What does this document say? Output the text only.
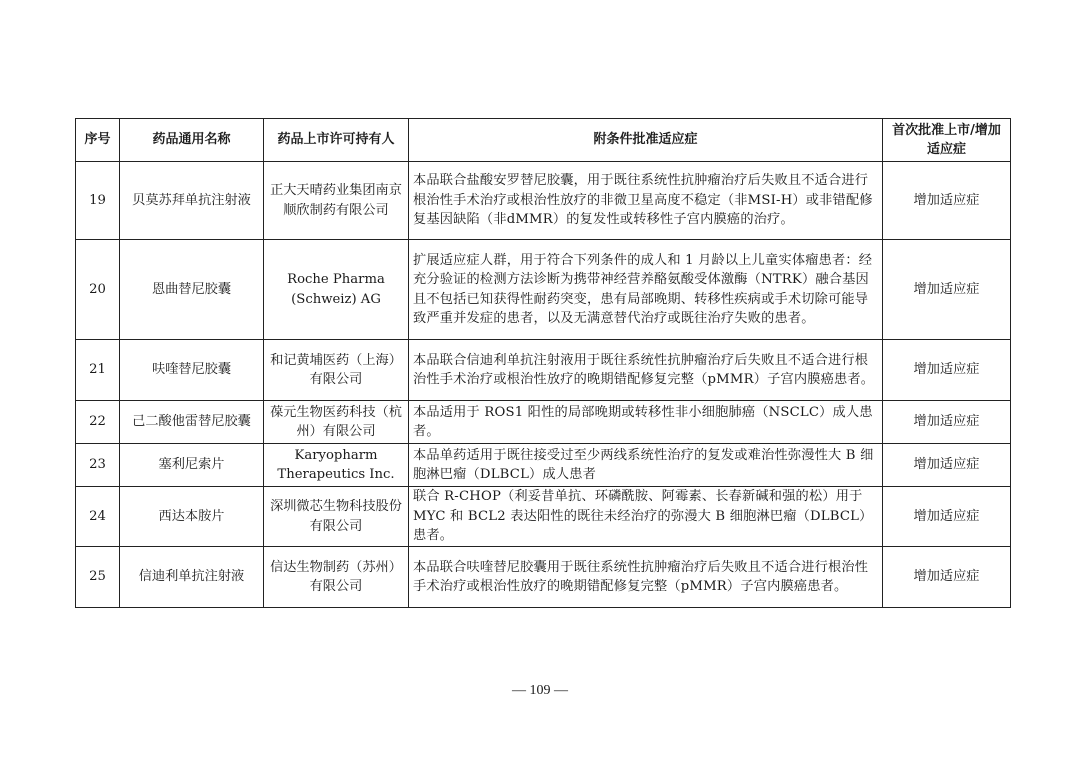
序号	药品通用名称	药品上市许可持有人	附条件批准适应症	首次批准上市/增加适应症
19	贝莫苏拜单抗注射液	正大天晴药业集团南京顺欣制药有限公司	本品联合盐酸安罗替尼胶囊，用于既往系统性抗肿瘤治疗后失败且不适合进行根治性手术治疗或根治性放疗的非微卫星高度不稳定（非MSI-H）或非错配修复基因缺陷（非dMMR）的复发性或转移性子宫内膜癌的治疗。	增加适应症
20	恩曲替尼胶囊	Roche Pharma (Schweiz) AG	扩展适应症人群，用于符合下列条件的成人和 1 月龄以上儿童实体瘤患者：经充分验证的检测方法诊断为携带神经营养酪氨酸受体激酶（NTRK）融合基因且不包括已知获得性耐药突变，患有局部晚期、转移性疾病或手术切除可能导致严重并发症的患者，以及无满意替代治疗或既往治疗失败的患者。	增加适应症
21	呋喹替尼胶囊	和记黄埔医药（上海）有限公司	本品联合信迪利单抗注射液用于既往系统性抗肿瘤治疗后失败且不适合进行根治性手术治疗或根治性放疗的晚期错配修复完整（pMMR）子宫内膜癌患者。	增加适应症
22	己二酸他雷替尼胶囊	葆元生物医药科技（杭州）有限公司	本品适用于 ROS1 阳性的局部晚期或转移性非小细胞肺癌（NSCLC）成人患者。	增加适应症
23	塞利尼索片	Karyopharm Therapeutics Inc.	本品单药适用于既往接受过至少两线系统性治疗的复发或难治性弥漫性大 B 细胞淋巴瘤（DLBCL）成人患者	增加适应症
24	西达本胺片	深圳微芯生物科技股份有限公司	联合 R-CHOP（利妥昔单抗、环磷酰胺、阿霉素、长春新碱和强的松）用于 MYC 和 BCL2 表达阳性的既往未经治疗的弥漫大 B 细胞淋巴瘤（DLBCL）患者。	增加适应症
25	信迪利单抗注射液	信达生物制药（苏州）有限公司	本品联合呋喹替尼胶囊用于既往系统性抗肿瘤治疗后失败且不适合进行根治性手术治疗或根治性放疗的晚期错配修复完整（pMMR）子宫内膜癌患者。	增加适应症
— 109 —
